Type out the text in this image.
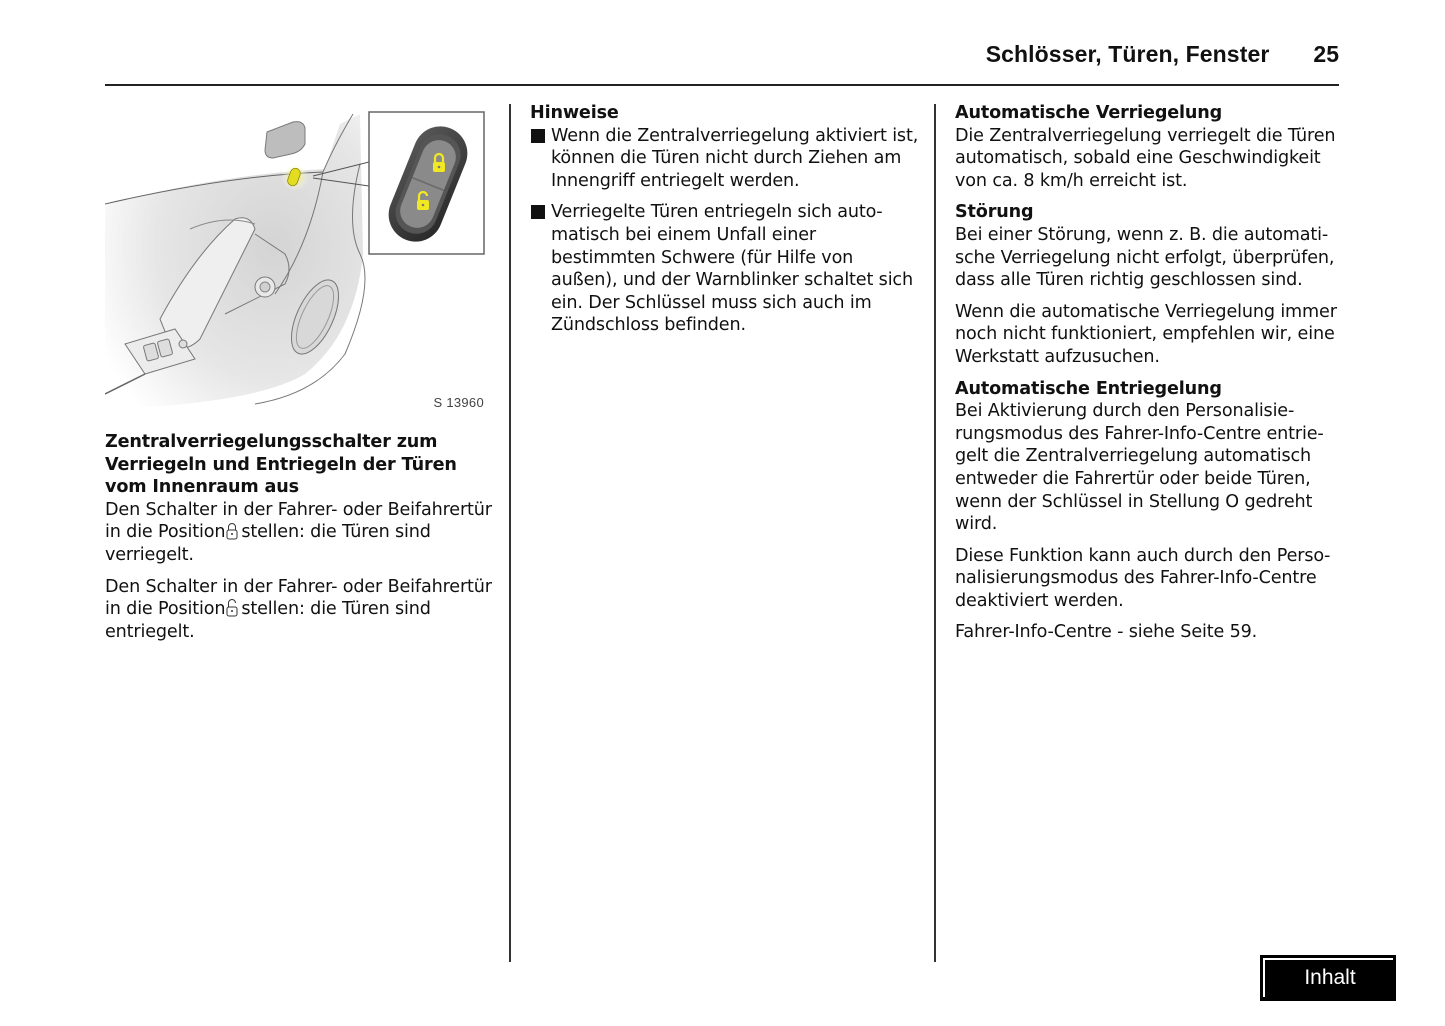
Schlösser, Türen, Fenster 25
S 13960

Zentralverriegelungsschalter zum Verriegeln und Entriegeln der Türen vom Innenraum aus

Den Schalter in der Fahrer- oder Beifahrertür in die Position stellen: die Türen sind verriegelt.

Den Schalter in der Fahrer- oder Beifahrertür in die Position stellen: die Türen sind entriegelt.

Hinweise

Wenn die Zentralverriegelung aktiviert ist, können die Türen nicht durch Ziehen am Innengriff entriegelt werden.
Verriegelte Türen entriegeln sich automatisch bei einem Unfall einer bestimmten Schwere (für Hilfe von außen), und der Warnblinker schaltet sich ein. Der Schlüssel muss sich auch im Zündschloss befinden.

Automatische Verriegelung

Die Zentralverriegelung verriegelt die Türen automatisch, sobald eine Geschwindigkeit von ca. 8 km/h erreicht ist.

Störung

Bei einer Störung, wenn z. B. die automatische Verriegelung nicht erfolgt, überprüfen, dass alle Türen richtig geschlossen sind.

Wenn die automatische Verriegelung immer noch nicht funktioniert, empfehlen wir, eine Werkstatt aufzusuchen.

Automatische Entriegelung

Bei Aktivierung durch den Personalisierungsmodus des Fahrer-Info-Centre entriegelt die Zentralverriegelung automatisch entweder die Fahrertür oder beide Türen, wenn der Schlüssel in Stellung O gedreht wird.

Diese Funktion kann auch durch den Personalisierungsmodus des Fahrer-Info-Centre deaktiviert werden.

Fahrer-Info-Centre - siehe Seite 59.

Inhalt
